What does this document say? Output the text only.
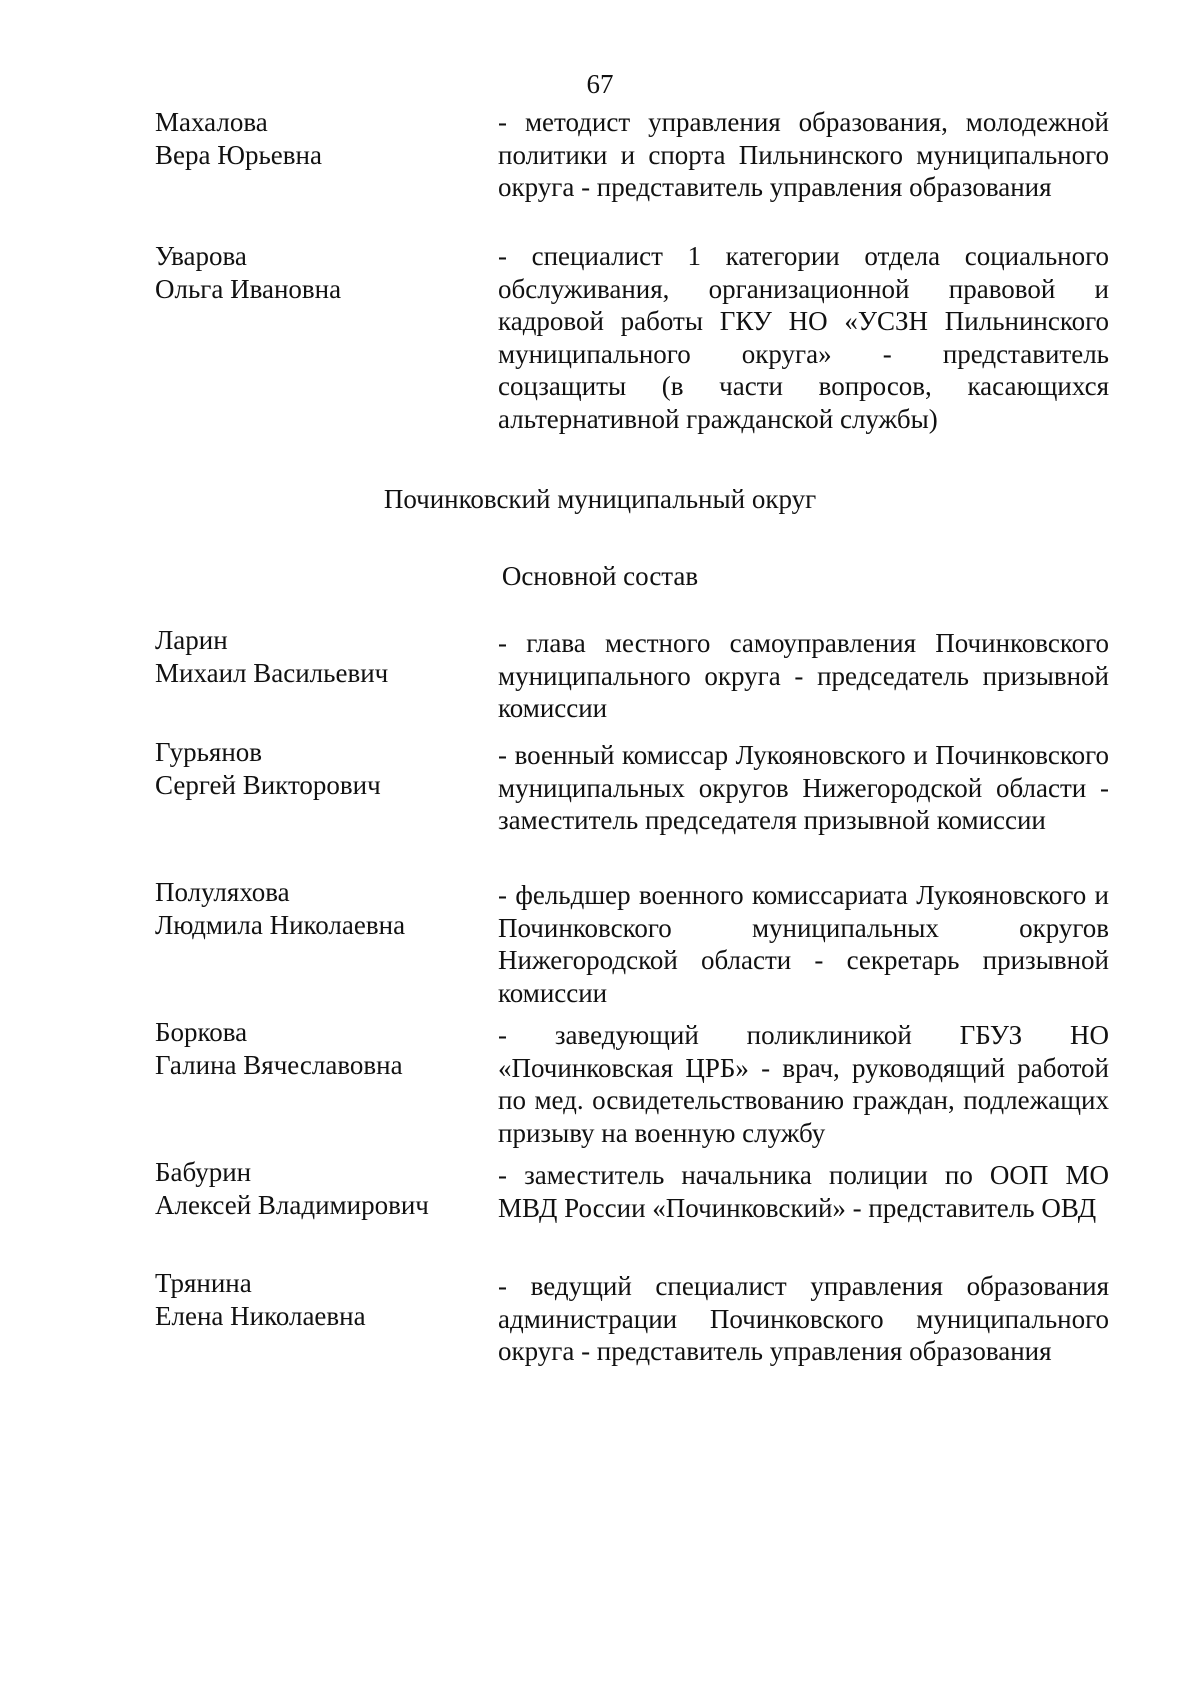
67
Махалова
Вера Юрьевна
- методист управления образования, молодежной политики и спорта Пильнинского муниципального округа - представитель управления образования
Уварова
Ольга Ивановна
- специалист 1 категории отдела социального обслуживания, организационной правовой и кадровой работы ГКУ НО «УСЗН Пильнинского муниципального округа» - представитель соцзащиты (в части вопросов, касающихся альтернативной гражданской службы)
Починковский муниципальный округ
Основной состав
Ларин
Михаил Васильевич
- глава местного самоуправления Починковского муниципального округа - председатель призывной комиссии
Гурьянов
Сергей Викторович
- военный комиссар Лукояновского и Починковского муниципальных округов Нижегородской области - заместитель председателя призывной комиссии
Полуляхова
Людмила Николаевна
- фельдшер военного комиссариата Лукояновского и Починковского муниципальных округов Нижегородской области - секретарь призывной комиссии
Боркова
Галина Вячеславовна
- заведующий поликлиникой ГБУЗ НО «Починковская ЦРБ» - врач, руководящий работой по мед. освидетельствованию граждан, подлежащих призыву на военную службу
Бабурин
Алексей Владимирович
- заместитель начальника полиции по ООП МО МВД России «Починковский» - представитель ОВД
Трянина
Елена Николаевна
- ведущий специалист управления образования администрации Починковского муниципального округа - представитель управления образования
